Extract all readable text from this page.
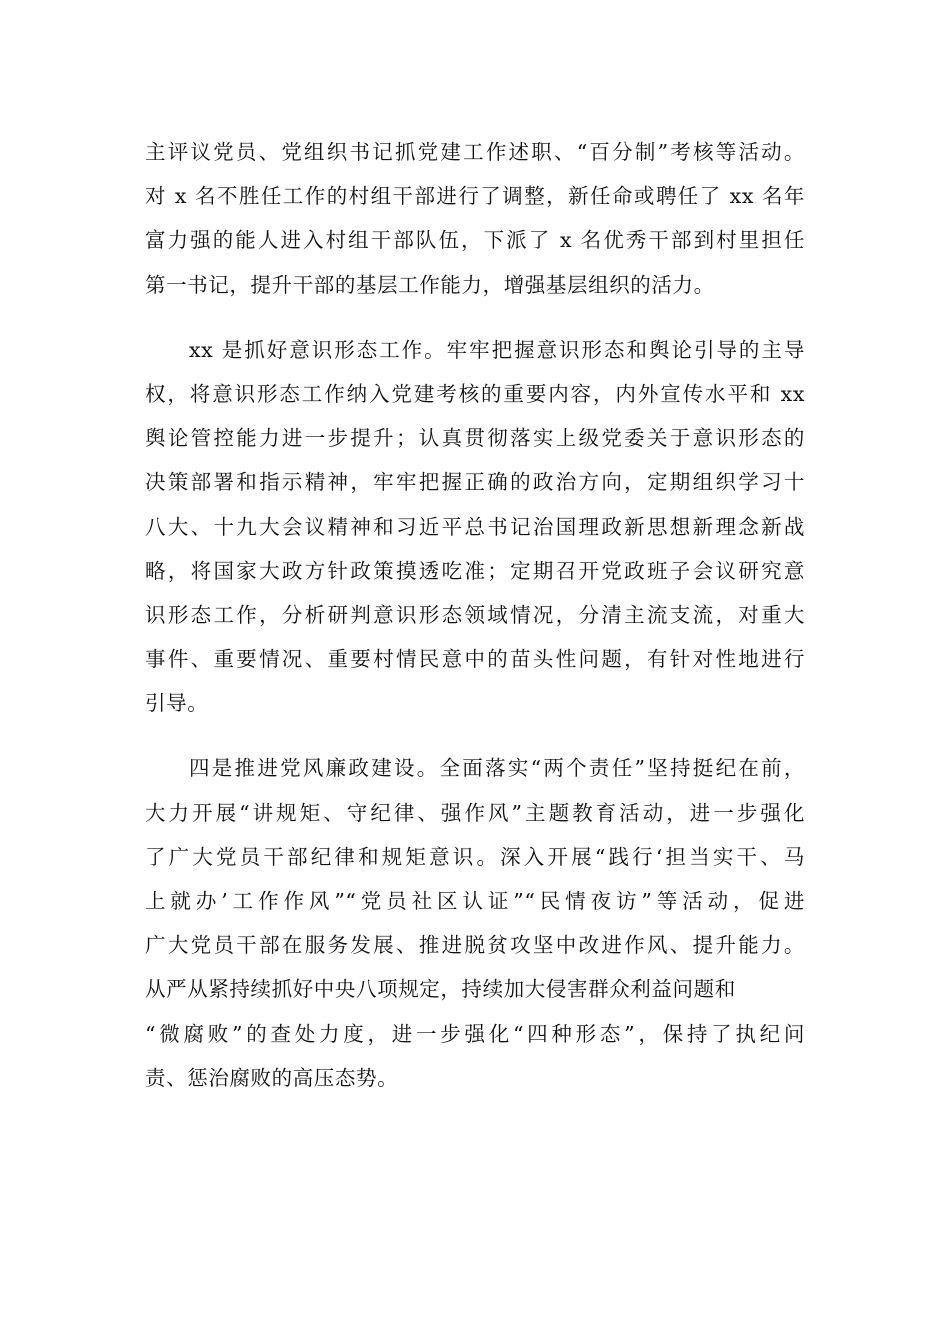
主评议党员、党组织书记抓党建工作述职、“百分制”考核等活动。
对 x 名不胜任工作的村组干部进行了调整，新任命或聘任了 xx 名年
富力强的能人进入村组干部队伍，下派了 x 名优秀干部到村里担任
第一书记，提升干部的基层工作能力，增强基层组织的活力。
xx 是抓好意识形态工作。牢牢把握意识形态和舆论引导的主导
权，将意识形态工作纳入党建考核的重要内容，内外宣传水平和 xx
舆论管控能力进一步提升；认真贯彻落实上级党委关于意识形态的
决策部署和指示精神，牢牢把握正确的政治方向，定期组织学习十
八大、十九大会议精神和习近平总书记治国理政新思想新理念新战
略，将国家大政方针政策摸透吃准；定期召开党政班子会议研究意
识形态工作，分析研判意识形态领域情况，分清主流支流，对重大
事件、重要情况、重要村情民意中的苗头性问题，有针对性地进行
引导。
四是推进党风廉政建设。全面落实“两个责任”坚持挺纪在前，
大力开展“讲规矩、守纪律、强作风”主题教育活动，进一步强化
了广大党员干部纪律和规矩意识。深入开展“践行‘担当实干、马
上就办’工作作风”“党员社区认证”“民情夜访”等活动，促进
广大党员干部在服务发展、推进脱贫攻坚中改进作风、提升能力。
从严从紧持续抓好中央八项规定，持续加大侵害群众利益问题和
“微腐败”的查处力度，进一步强化“四种形态”，保持了执纪问
责、惩治腐败的高压态势。
